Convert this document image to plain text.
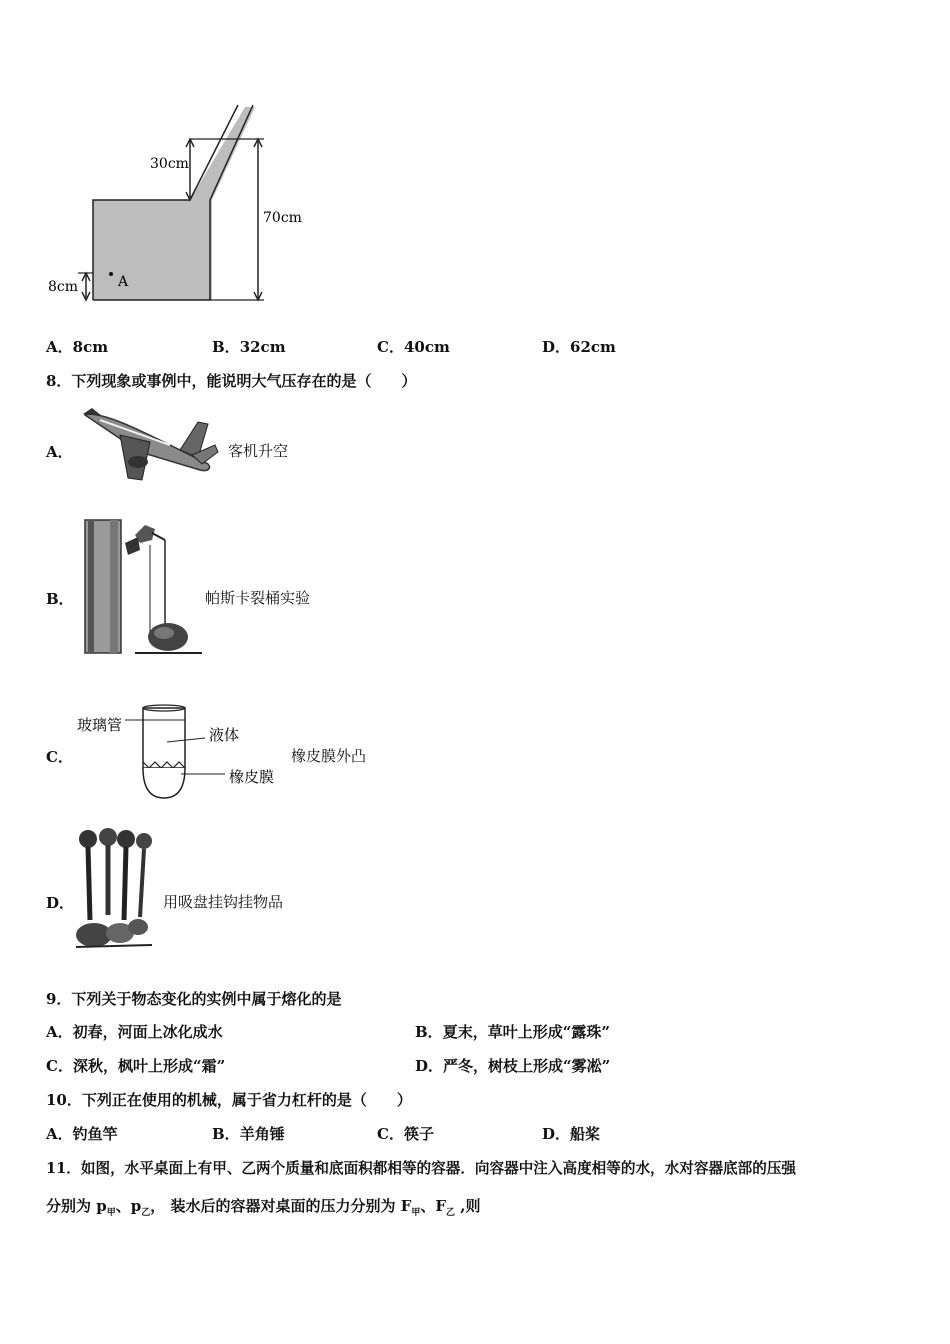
30cm
70cm
8cm	A
A．8cm	B．32cm	C．40cm	D．62cm
8．下列现象或事例中，能说明大气压存在的是（　　）
A．	客机升空
B．	帕斯卡裂桶实验
C．
玻璃管
液体
橡皮膜
橡皮膜外凸
D．	用吸盘挂钩挂物品
9．下列关于物态变化的实例中属于熔化的是
A．初春，河面上冰化成水	B．夏末，草叶上形成“露珠”
C．深秋，枫叶上形成“霜”	D．严冬，树枝上形成“雾凇”
10．下列正在使用的机械，属于省力杠杆的是（　　）
A．钓鱼竿	B．羊角锤	C．筷子	D．船桨
11．如图，水平桌面上有甲、乙两个质量和底面积都相等的容器．向容器中注入高度相等的水，水对容器底部的压强
分别为 $p_甲$、$p_乙$， 装水后的容器对桌面的压力分别为 $F_甲$、$F_乙$ ,则
